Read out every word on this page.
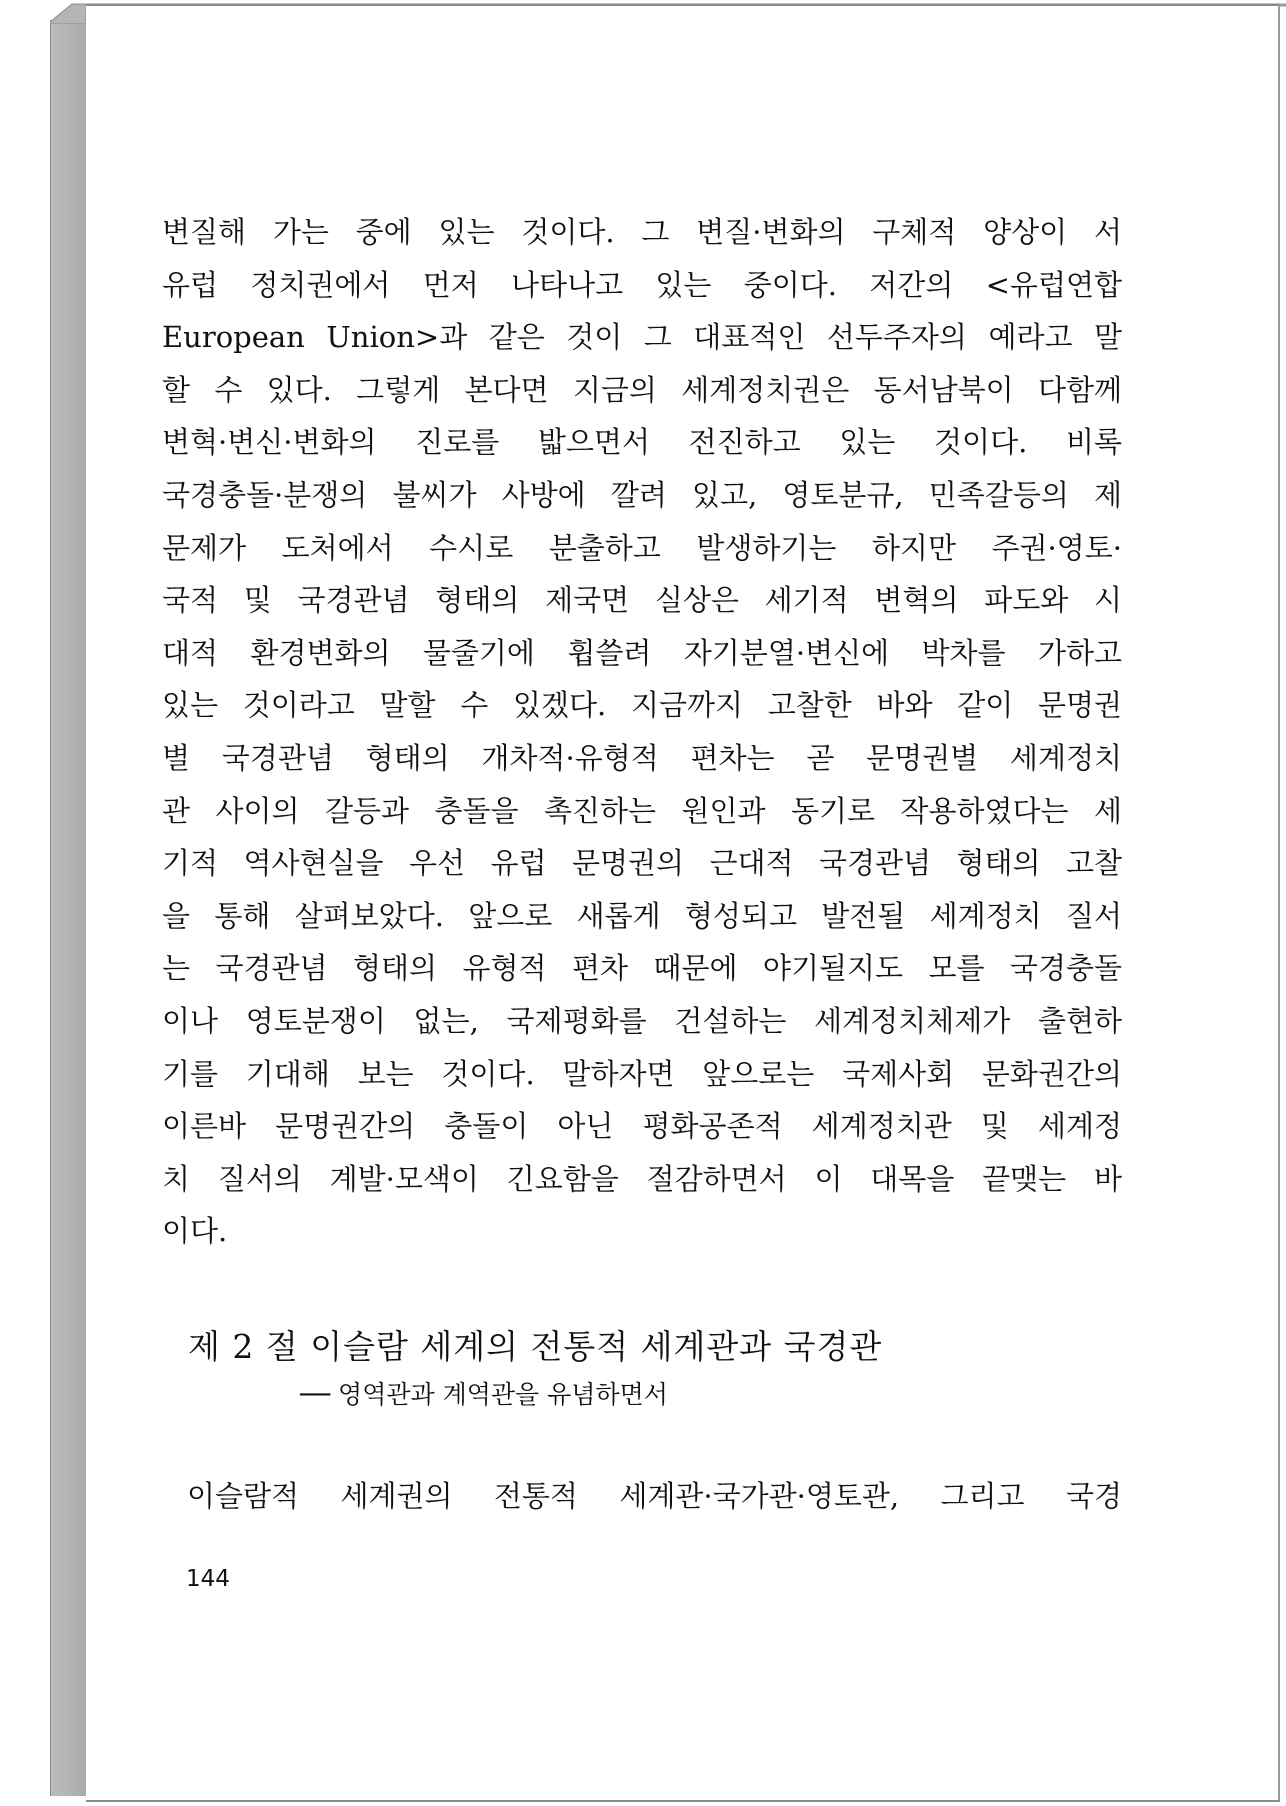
변질해 가는 중에 있는 것이다. 그 변질·변화의 구체적 양상이 서
유럽 정치권에서 먼저 나타나고 있는 중이다. 저간의 <유럽연합
European Union>과 같은 것이 그 대표적인 선두주자의 예라고 말
할 수 있다. 그렇게 본다면 지금의 세계정치권은 동서남북이 다함께
변혁·변신·변화의 진로를 밟으면서 전진하고 있는 것이다. 비록
국경충돌·분쟁의 불씨가 사방에 깔려 있고, 영토분규, 민족갈등의 제
문제가 도처에서 수시로 분출하고 발생하기는 하지만 주권·영토·
국적 및 국경관념 형태의 제국면 실상은 세기적 변혁의 파도와 시
대적 환경변화의 물줄기에 휩쓸려 자기분열·변신에 박차를 가하고
있는 것이라고 말할 수 있겠다. 지금까지 고찰한 바와 같이 문명권
별 국경관념 형태의 개차적·유형적 편차는 곧 문명권별 세계정치
관 사이의 갈등과 충돌을 촉진하는 원인과 동기로 작용하였다는 세
기적 역사현실을 우선 유럽 문명권의 근대적 국경관념 형태의 고찰
을 통해 살펴보았다. 앞으로 새롭게 형성되고 발전될 세계정치 질서
는 국경관념 형태의 유형적 편차 때문에 야기될지도 모를 국경충돌
이나 영토분쟁이 없는, 국제평화를 건설하는 세계정치체제가 출현하
기를 기대해 보는 것이다. 말하자면 앞으로는 국제사회 문화권간의
이른바 문명권간의 충돌이 아닌 평화공존적 세계정치관 및 세계정
치 질서의 계발·모색이 긴요함을 절감하면서 이 대목을 끝맺는 바
이다.
제 2 절 이슬람 세계의 전통적 세계관과 국경관

── 영역관과 계역관을 유념하면서

이슬람적 세계권의 전통적 세계관·국가관·영토관, 그리고 국경

144
